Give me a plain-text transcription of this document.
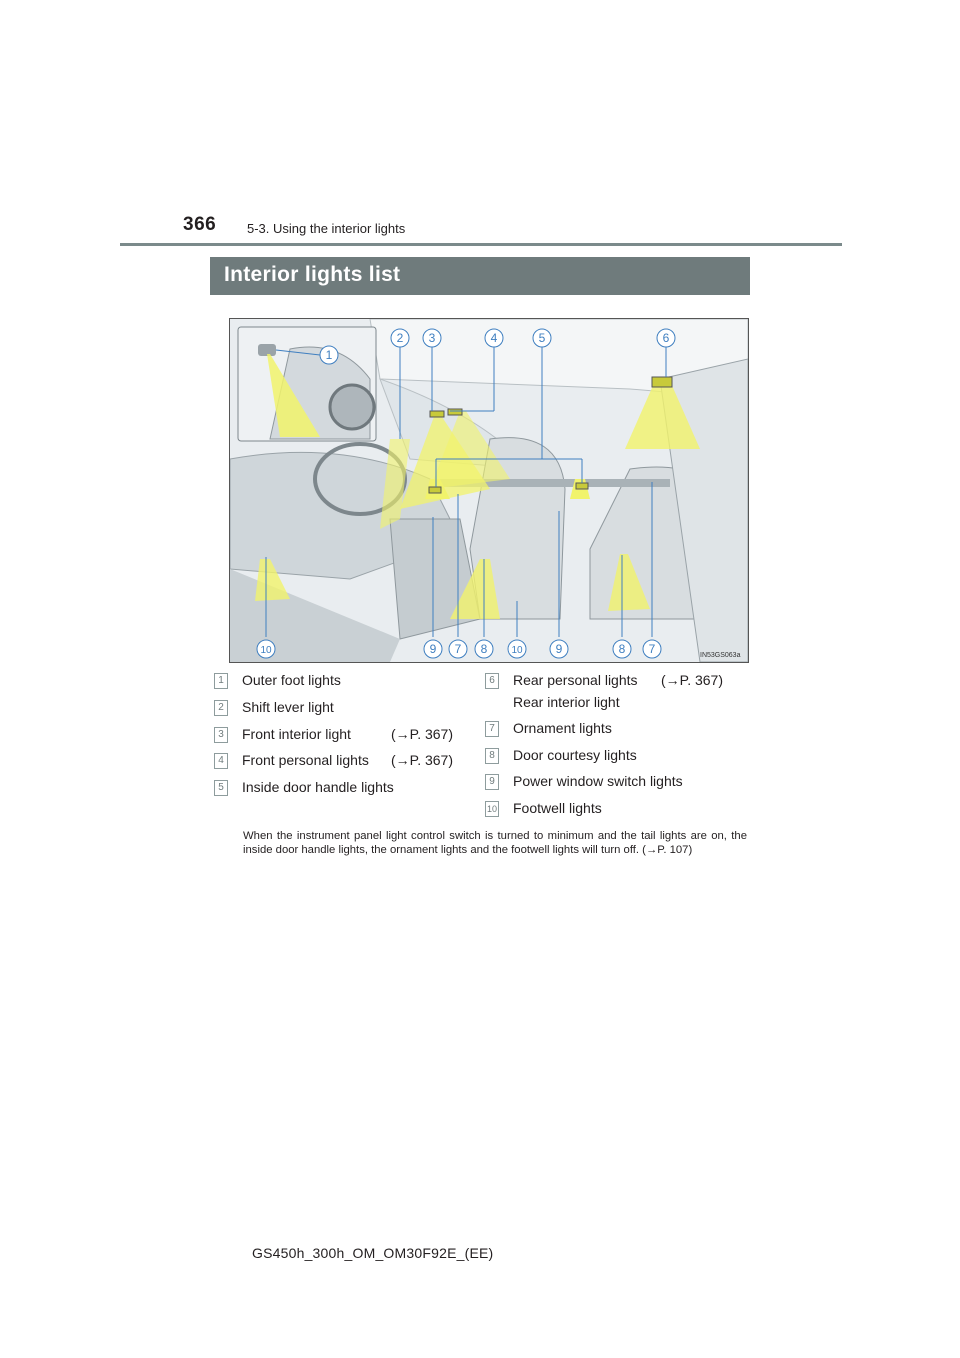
366 5-3. Using the interior lights
Interior lights list
1
2 3	4	5	6
10	9 7 8 10	9	8 7	IN53GS063a
1	Outer foot lights
2	Shift lever light
3	Front interior light	(→P. 367)
4	Front personal lights (→P. 367)
5	Inside door handle lights
6	Rear personal lights (→P. 367)
Rear interior light
7	Ornament lights
8	Door courtesy lights
9	Power window switch lights
10 Footwell lights
When the instrument panel light control switch is turned to minimum and the tail lights are on, the inside door handle lights, the ornament lights and the footwell lights will turn off. (→P. 107)
GS450h_300h_OM_OM30F92E_(EE)
